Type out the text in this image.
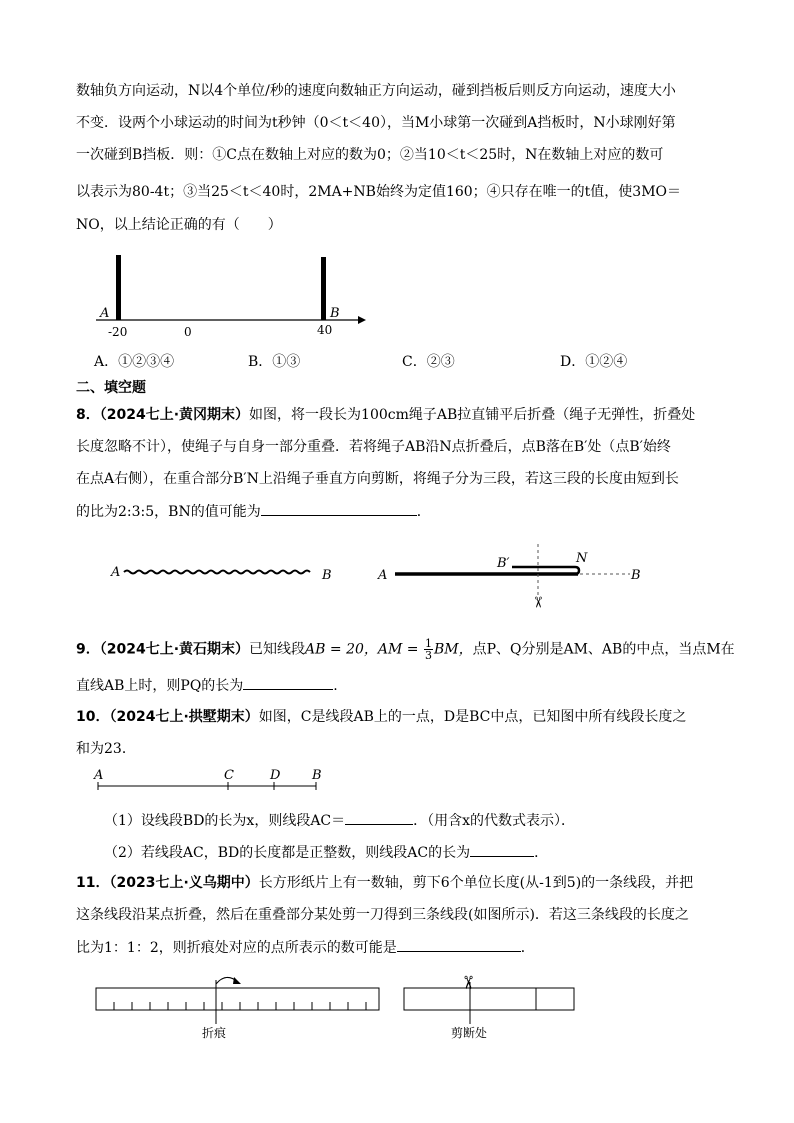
数轴负方向运动，N以4个单位/秒的速度向数轴正方向运动，碰到挡板后则反方向运动，速度大小
不变．设两个小球运动的时间为t秒钟（0＜t＜40），当M小球第一次碰到A挡板时，N小球刚好第
一次碰到B挡板．则：①C点在数轴上对应的数为0；②当10＜t＜25时，N在数轴上对应的数可
以表示为80-4t；③当25＜t＜40时，2MA+NB始终为定值160；④只存在唯一的t值，使3MO＝
NO，以上结论正确的有（　　）
A	B
-20	0	40
A．①②③④	B．①③	C．②③	D．①②④
二、填空题
8．（2024七上·黄冈期末）如图，将一段长为100cm绳子AB拉直铺平后折叠（绳子无弹性，折叠处
长度忽略不计），使绳子与自身一部分重叠．若将绳子AB沿N点折叠后，点B落在B′处（点B′始终
在点A右侧），在重合部分B′N上沿绳子垂直方向剪断，将绳子分为三段，若这三段的长度由短到长
的比为2:3:5，BN的值可能为	．
A	B	A
B′	N
B
✂
9．（2024七上·黄石期末）已知线段AB = 20，AM = $\frac{1}{3}$ BM，点P、Q分别是AM、AB的中点，当点M在
直线AB上时，则PQ的长为	.
10．（2024七上·拱墅期末）如图，C是线段AB上的一点，D是BC中点，已知图中所有线段长度之
和为23．
A	C	D B
（1）设线段BD的长为x，则线段AC＝	．（用含x的代数式表示）．
（2）若线段AC，BD的长度都是正整数，则线段AC的长为	．
11．（2023七上·义乌期中）长方形纸片上有一数轴，剪下6个单位长度(从-1到5)的一条线段，并把
这条线段沿某点折叠，然后在重叠部分某处剪一刀得到三条线段(如图所示)．若这三条线段的长度之
比为1：1：2，则折痕处对应的点所表示的数可能是	．
折痕
✂
剪断处
